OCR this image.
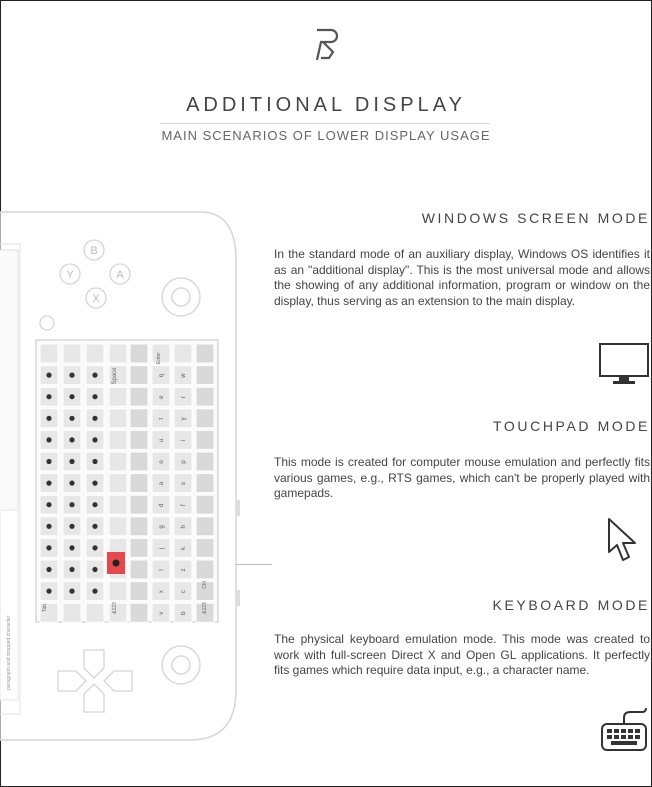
ADDITIONAL DISPLAY
MAIN SCENARIOS OF LOWER DISPLAY USAGE
paragraph and dropped character
B
Y	A
X
q	w
e	r
t	y
u	i
o	p
a	s
d	f
g	h
j	k
l	z
x	c
v	b
Space
Enter
Tab
Ctrl
&123	&123
WINDOWS SCREEN MODE
In the standard mode of an auxiliary display, Windows OS identifies it as an "additional display". This is the most universal mode and allows the showing of any additional information, program or window on the display, thus serving as an extension to the main display.
TOUCHPAD MODE
This mode is created for computer mouse emulation and perfectly fits various games, e.g., RTS games, which can't be properly played with gamepads.
KEYBOARD MODE
The physical keyboard emulation mode. This mode was created to work with full-screen Direct X and Open GL applications. It perfectly fits games which require data input, e.g., a character name.
